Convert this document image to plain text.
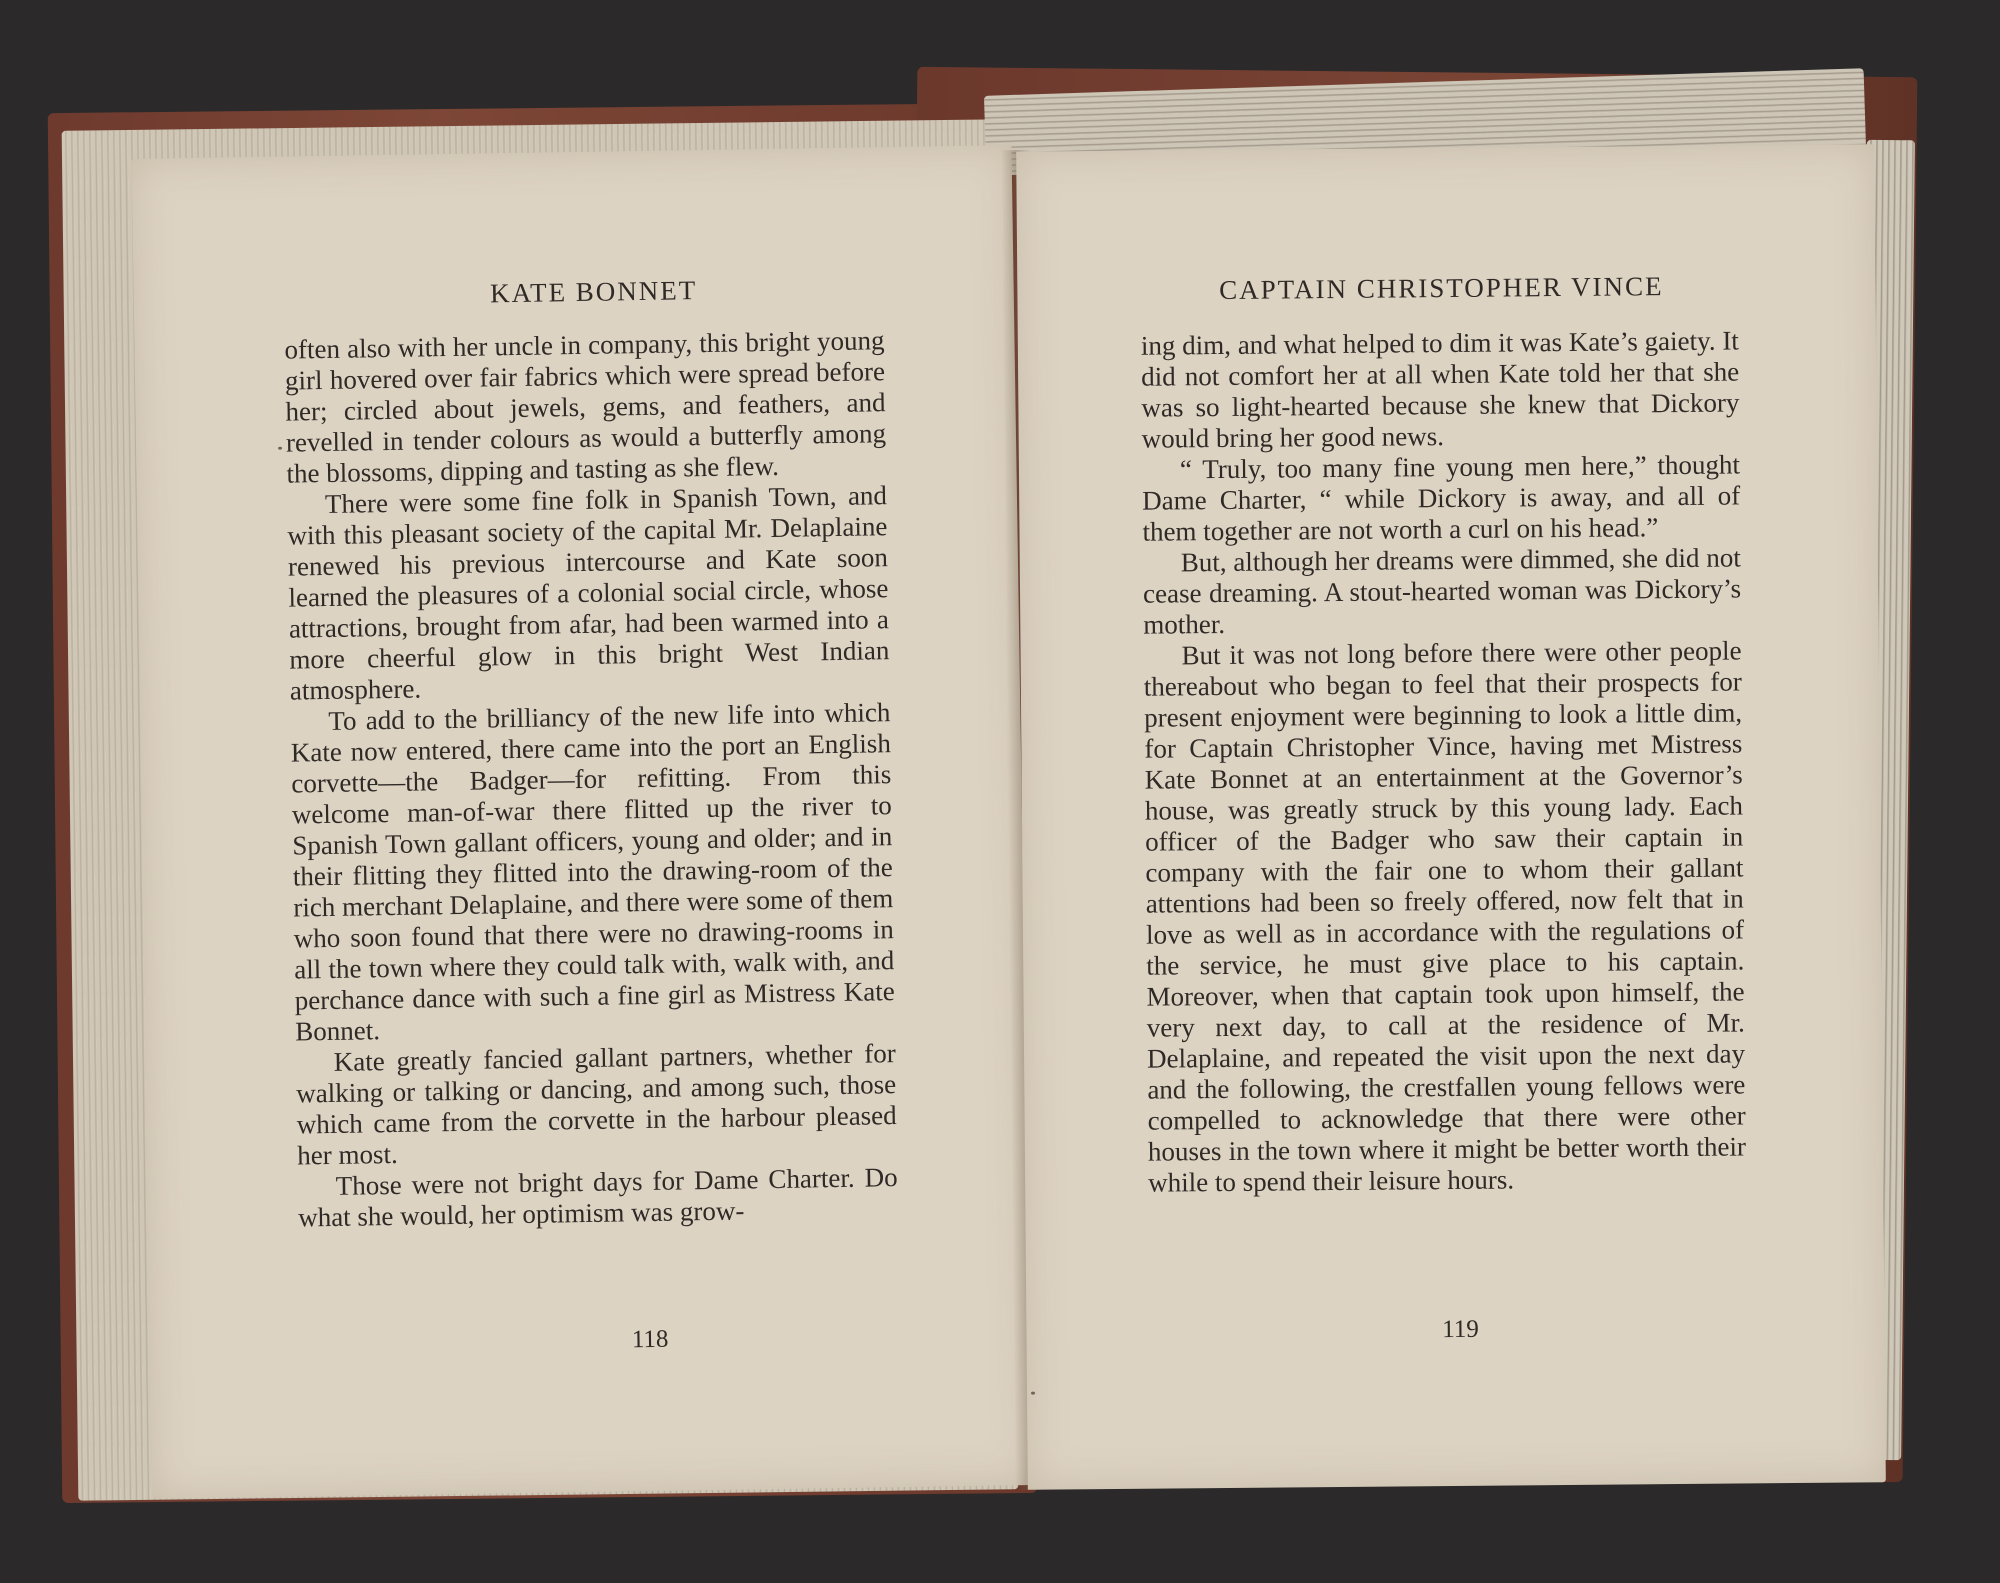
KATE BONNET

often also with her uncle in company, this bright young girl hovered over fair fabrics which were spread before her; circled about jewels, gems, and feathers, and revelled in tender colours as would a butterfly among the blossoms, dipping and tasting as she flew.

There were some fine folk in Spanish Town, and with this pleasant society of the capital Mr. Delaplaine renewed his previous intercourse and Kate soon learned the pleasures of a colonial social circle, whose attractions, brought from afar, had been warmed into a more cheerful glow in this bright West Indian atmosphere.

To add to the brilliancy of the new life into which Kate now entered, there came into the port an English corvette—the Badger—for refitting. From this welcome man-of-war there flitted up the river to Spanish Town gallant officers, young and older; and in their flitting they flitted into the drawing-room of the rich merchant Delaplaine, and there were some of them who soon found that there were no drawing-rooms in all the town where they could talk with, walk with, and perchance dance with such a fine girl as Mistress Kate Bonnet.

Kate greatly fancied gallant partners, whether for walking or talking or dancing, and among such, those which came from the corvette in the harbour pleased her most.

Those were not bright days for Dame Charter. Do what she would, her optimism was grow-

118
CAPTAIN CHRISTOPHER VINCE

ing dim, and what helped to dim it was Kate’s gaiety. It did not comfort her at all when Kate told her that she was so light-hearted because she knew that Dickory would bring her good news.

“ Truly, too many fine young men here,” thought Dame Charter, “ while Dickory is away, and all of them together are not worth a curl on his head.”

But, although her dreams were dimmed, she did not cease dreaming. A stout-hearted woman was Dickory’s mother.

But it was not long before there were other people thereabout who began to feel that their prospects for present enjoyment were beginning to look a little dim, for Captain Christopher Vince, having met Mistress Kate Bonnet at an entertainment at the Governor’s house, was greatly struck by this young lady. Each officer of the Badger who saw their captain in company with the fair one to whom their gallant attentions had been so freely offered, now felt that in love as well as in accordance with the regulations of the service, he must give place to his captain. Moreover, when that captain took upon himself, the very next day, to call at the residence of Mr. Delaplaine, and repeated the visit upon the next day and the following, the crestfallen young fellows were compelled to acknowledge that there were other houses in the town where it might be better worth their while to spend their leisure hours.

119
